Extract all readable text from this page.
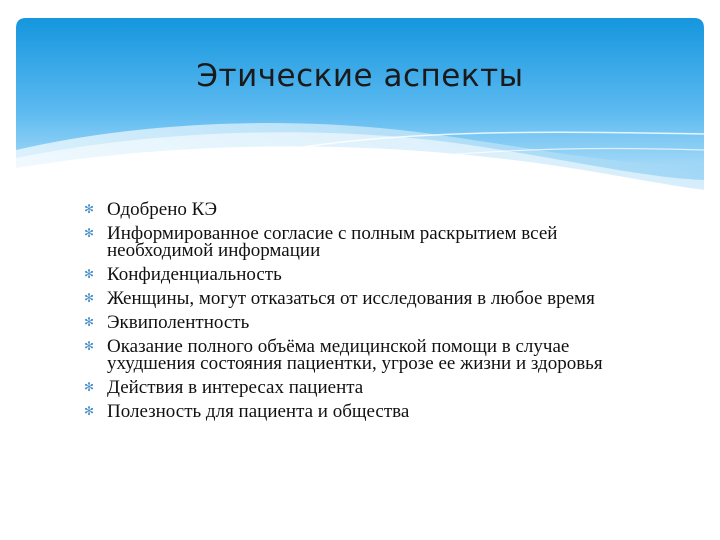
Этические аспекты
✻ Одобрено КЭ
✻ Информированное согласие с полным раскрытием всей необходимой информации
✻ Конфиденциальность
✻ Женщины, могут отказаться от исследования в любое время
✻ Эквиполентность
✻ Оказание полного объёма медицинской помощи в случае ухудшения состояния пациентки, угрозе ее жизни и здоровья
✻ Действия в интересах пациента
✻ Полезность для пациента и общества
